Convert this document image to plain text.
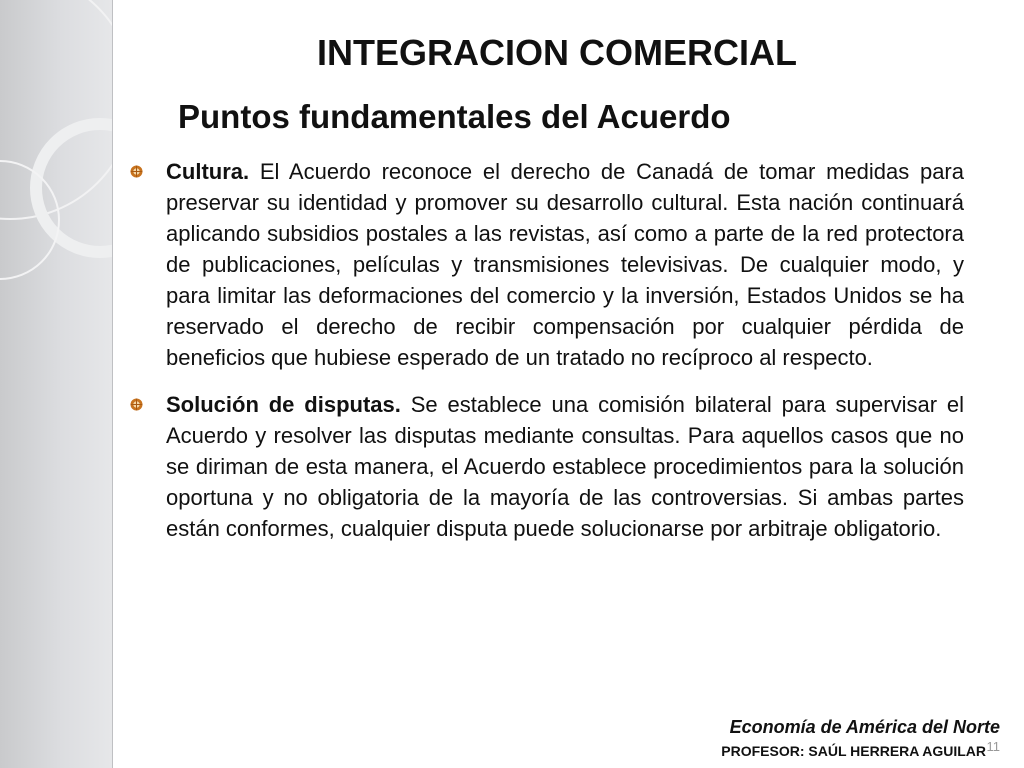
INTEGRACION COMERCIAL
Puntos fundamentales del Acuerdo
Cultura. El Acuerdo reconoce el derecho de Canadá de tomar medidas para preservar su identidad y promover su desarrollo cultural. Esta nación continuará aplicando subsidios postales a las revistas, así como a parte de la red protectora de publicaciones, películas y transmisiones televisivas. De cualquier modo, y para limitar las deformaciones del comercio y la inversión, Estados Unidos se ha reservado el derecho de recibir compensación por cualquier pérdida de beneficios que hubiese esperado de un tratado no recíproco al respecto.
Solución de disputas. Se establece una comisión bilateral para supervisar el Acuerdo y resolver las disputas mediante consultas. Para aquellos casos que no se diriman de esta manera, el Acuerdo establece procedimientos para la solución oportuna y no obligatoria de la mayoría de las controversias. Si ambas partes están conformes, cualquier disputa puede solucionarse por arbitraje obligatorio.
Economía de América del Norte
PROFESOR: SAÚL HERRERA AGUILAR 11
